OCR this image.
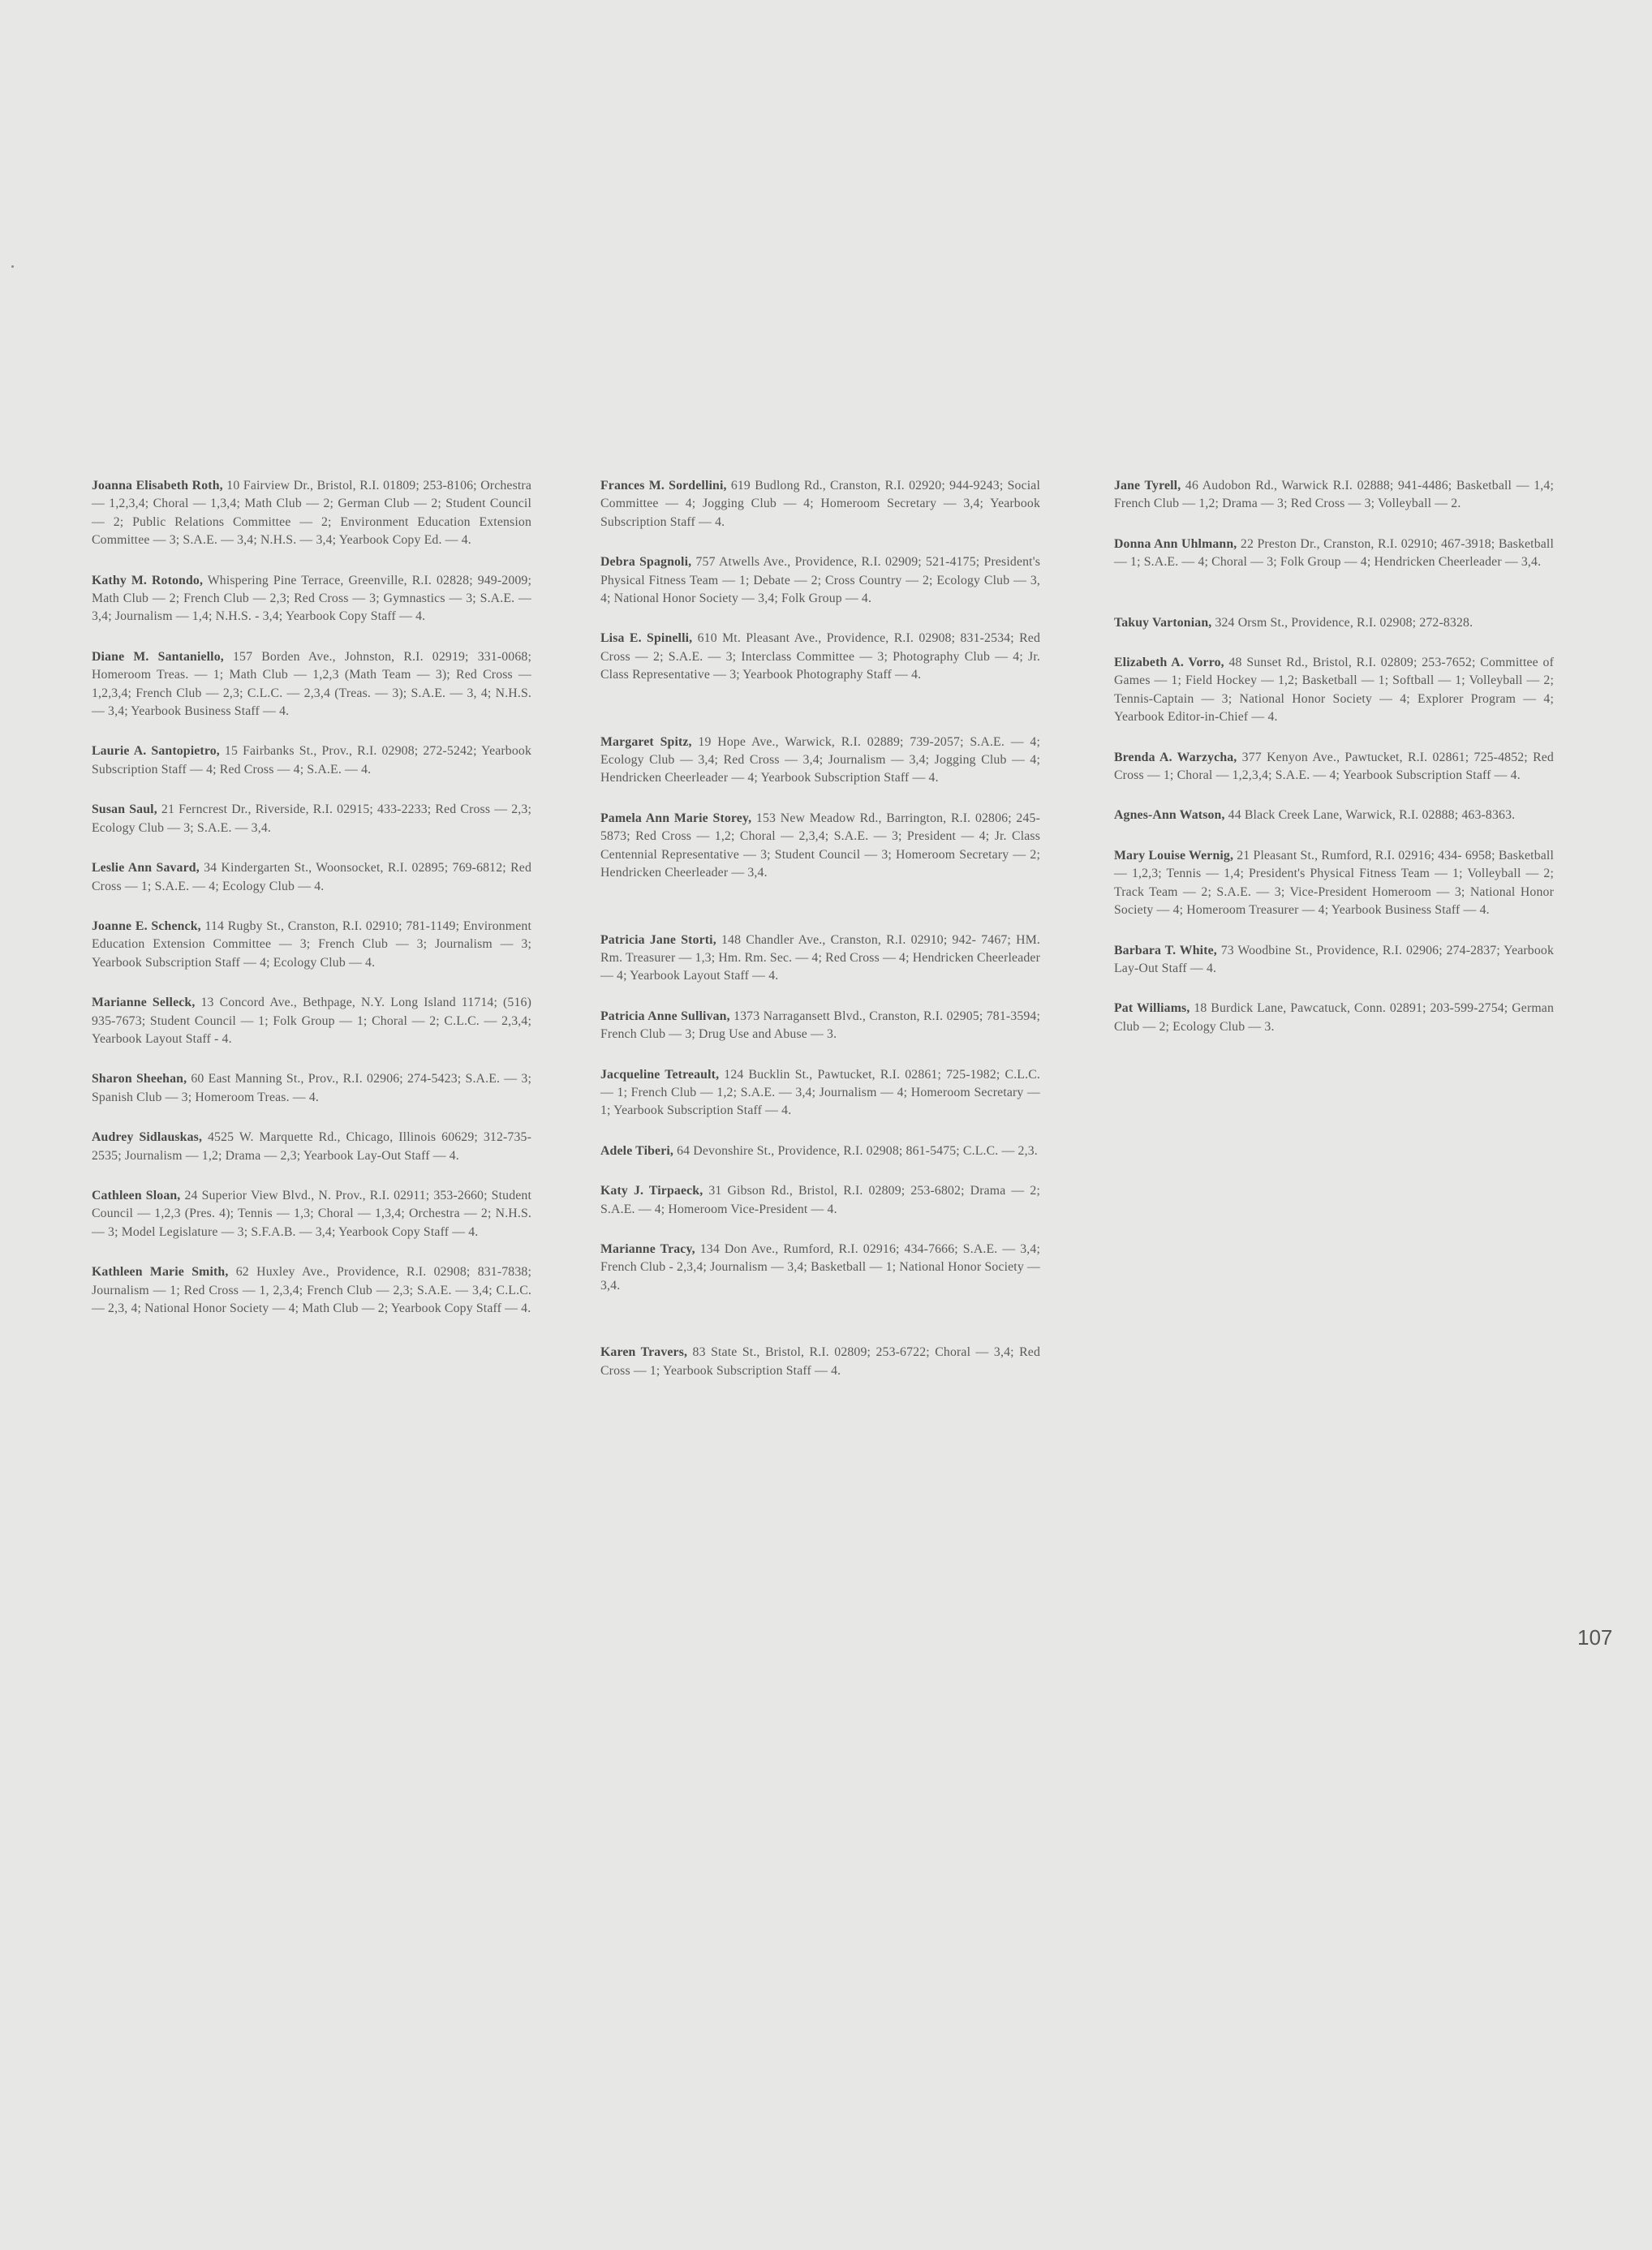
Joanna Elisabeth Roth, 10 Fairview Dr., Bristol, R.I. 01809; 253-8106; Orchestra — 1,2,3,4; Choral — 1,3,4; Math Club — 2; German Club — 2; Student Council — 2; Public Relations Committee — 2; Environment Education Extension Committee — 3; S.A.E. — 3,4; N.H.S. — 3,4; Yearbook Copy Ed. — 4.

Kathy M. Rotondo, Whispering Pine Terrace, Greenville, R.I. 02828; 949-2009; Math Club — 2; French Club — 2,3; Red Cross — 3; Gymnastics — 3; S.A.E. — 3,4; Journalism — 1,4; N.H.S. - 3,4; Yearbook Copy Staff — 4.

Diane M. Santaniello, 157 Borden Ave., Johnston, R.I. 02919; 331-0068; Homeroom Treas. — 1; Math Club — 1,2,3 (Math Team — 3); Red Cross — 1,2,3,4; French Club — 2,3; C.L.C. — 2,3,4 (Treas. — 3); S.A.E. — 3, 4; N.H.S. — 3,4; Yearbook Business Staff — 4.

Laurie A. Santopietro, 15 Fairbanks St., Prov., R.I. 02908; 272-5242; Yearbook Subscription Staff — 4; Red Cross — 4; S.A.E. — 4.

Susan Saul, 21 Ferncrest Dr., Riverside, R.I. 02915; 433-2233; Red Cross — 2,3; Ecology Club — 3; S.A.E. — 3,4.

Leslie Ann Savard, 34 Kindergarten St., Woonsocket, R.I. 02895; 769-6812; Red Cross — 1; S.A.E. — 4; Ecology Club — 4.

Joanne E. Schenck, 114 Rugby St., Cranston, R.I. 02910; 781-1149; Environment Education Extension Committee — 3; French Club — 3; Journalism — 3; Yearbook Subscription Staff — 4; Ecology Club — 4.

Marianne Selleck, 13 Concord Ave., Bethpage, N.Y. Long Island 11714; (516) 935-7673; Student Council — 1; Folk Group — 1; Choral — 2; C.L.C. — 2,3,4; Yearbook Layout Staff - 4.

Sharon Sheehan, 60 East Manning St., Prov., R.I. 02906; 274-5423; S.A.E. — 3; Spanish Club — 3; Homeroom Treas. — 4.

Audrey Sidlauskas, 4525 W. Marquette Rd., Chicago, Illinois 60629; 312-735-2535; Journalism — 1,2; Drama — 2,3; Yearbook Lay-Out Staff — 4.

Cathleen Sloan, 24 Superior View Blvd., N. Prov., R.I. 02911; 353-2660; Student Council — 1,2,3 (Pres. 4); Tennis — 1,3; Choral — 1,3,4; Orchestra — 2; N.H.S. — 3; Model Legislature — 3; S.F.A.B. — 3,4; Yearbook Copy Staff — 4.

Kathleen Marie Smith, 62 Huxley Ave., Providence, R.I. 02908; 831-7838; Journalism — 1; Red Cross — 1, 2,3,4; French Club — 2,3; S.A.E. — 3,4; C.L.C. — 2,3, 4; National Honor Society — 4; Math Club — 2; Yearbook Copy Staff — 4.

Frances M. Sordellini, 619 Budlong Rd., Cranston, R.I. 02920; 944-9243; Social Committee — 4; Jogging Club — 4; Homeroom Secretary — 3,4; Yearbook Subscription Staff — 4.

Debra Spagnoli, 757 Atwells Ave., Providence, R.I. 02909; 521-4175; President's Physical Fitness Team — 1; Debate — 2; Cross Country — 2; Ecology Club — 3, 4; National Honor Society — 3,4; Folk Group — 4.

Lisa E. Spinelli, 610 Mt. Pleasant Ave., Providence, R.I. 02908; 831-2534; Red Cross — 2; S.A.E. — 3; Interclass Committee — 3; Photography Club — 4; Jr. Class Representative — 3; Yearbook Photography Staff — 4.

Margaret Spitz, 19 Hope Ave., Warwick, R.I. 02889; 739-2057; S.A.E. — 4; Ecology Club — 3,4; Red Cross — 3,4; Journalism — 3,4; Jogging Club — 4; Hendricken Cheerleader — 4; Yearbook Subscription Staff — 4.

Pamela Ann Marie Storey, 153 New Meadow Rd., Barrington, R.I. 02806; 245-5873; Red Cross — 1,2; Choral — 2,3,4; S.A.E. — 3; President — 4; Jr. Class Centennial Representative — 3; Student Council — 3; Homeroom Secretary — 2; Hendricken Cheerleader — 3,4.

Patricia Jane Storti, 148 Chandler Ave., Cranston, R.I. 02910; 942- 7467; HM. Rm. Treasurer — 1,3; Hm. Rm. Sec. — 4; Red Cross — 4; Hendricken Cheerleader — 4; Yearbook Layout Staff — 4.

Patricia Anne Sullivan, 1373 Narragansett Blvd., Cranston, R.I. 02905; 781-3594; French Club — 3; Drug Use and Abuse — 3.

Jacqueline Tetreault, 124 Bucklin St., Pawtucket, R.I. 02861; 725-1982; C.L.C. — 1; French Club — 1,2; S.A.E. — 3,4; Journalism — 4; Homeroom Secretary — 1; Yearbook Subscription Staff — 4.

Adele Tiberi, 64 Devonshire St., Providence, R.I. 02908; 861-5475; C.L.C. — 2,3.

Katy J. Tirpaeck, 31 Gibson Rd., Bristol, R.I. 02809; 253-6802; Drama — 2; S.A.E. — 4; Homeroom Vice-President — 4.

Marianne Tracy, 134 Don Ave., Rumford, R.I. 02916; 434-7666; S.A.E. — 3,4; French Club - 2,3,4; Journalism — 3,4; Basketball — 1; National Honor Society — 3,4.

Karen Travers, 83 State St., Bristol, R.I. 02809; 253-6722; Choral — 3,4; Red Cross — 1; Yearbook Subscription Staff — 4.

Jane Tyrell, 46 Audobon Rd., Warwick R.I. 02888; 941-4486; Basketball — 1,4; French Club — 1,2; Drama — 3; Red Cross — 3; Volleyball — 2.

Donna Ann Uhlmann, 22 Preston Dr., Cranston, R.I. 02910; 467-3918; Basketball — 1; S.A.E. — 4; Choral — 3; Folk Group — 4; Hendricken Cheerleader — 3,4.

Takuy Vartonian, 324 Orsm St., Providence, R.I. 02908; 272-8328.

Elizabeth A. Vorro, 48 Sunset Rd., Bristol, R.I. 02809; 253-7652; Committee of Games — 1; Field Hockey — 1,2; Basketball — 1; Softball — 1; Volleyball — 2; Tennis-Captain — 3; National Honor Society — 4; Explorer Program — 4; Yearbook Editor-in-Chief — 4.

Brenda A. Warzycha, 377 Kenyon Ave., Pawtucket, R.I. 02861; 725-4852; Red Cross — 1; Choral — 1,2,3,4; S.A.E. — 4; Yearbook Subscription Staff — 4.

Agnes-Ann Watson, 44 Black Creek Lane, Warwick, R.I. 02888; 463-8363.

Mary Louise Wernig, 21 Pleasant St., Rumford, R.I. 02916; 434- 6958; Basketball — 1,2,3; Tennis — 1,4; President's Physical Fitness Team — 1; Volleyball — 2; Track Team — 2; S.A.E. — 3; Vice-President Homeroom — 3; National Honor Society — 4; Homeroom Treasurer — 4; Yearbook Business Staff — 4.

Barbara T. White, 73 Woodbine St., Providence, R.I. 02906; 274-2837; Yearbook Lay-Out Staff — 4.

Pat Williams, 18 Burdick Lane, Pawcatuck, Conn. 02891; 203-599-2754; German Club — 2; Ecology Club — 3.

107
